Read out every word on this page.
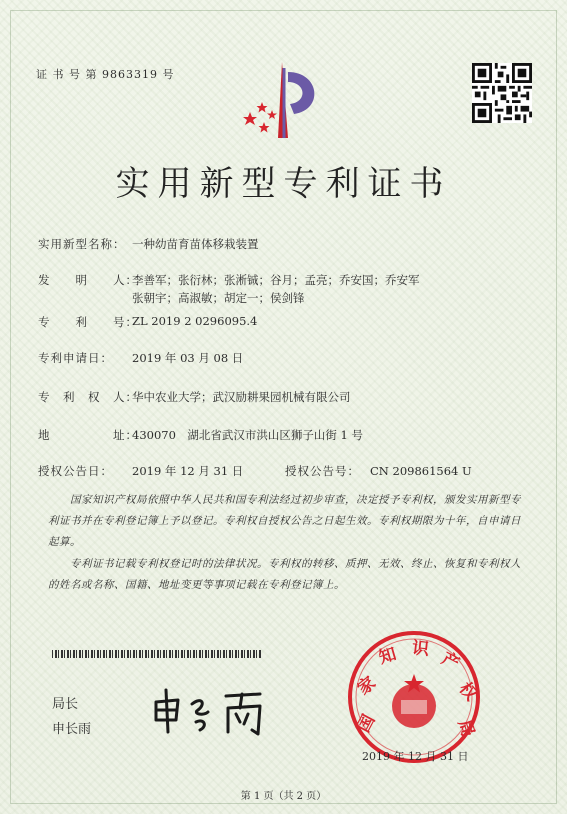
证 书 号 第 9863319 号
实用新型专利证书
实用新型名称： 一种幼苗育苗体移栽装置
发　　明　　人：
李善军；张衍林；张淅铖；谷月；孟亮；乔安国；乔安军
张朝宇；高淑敏；胡定一；侯剑锋
专　　利　　号：
ZL 2019 2 0296095.4
专利申请日： 2019 年 03 月 08 日
专　利　权　人：
华中农业大学；武汉励耕果园机械有限公司
地　　　　　址：
430070　湖北省武汉市洪山区狮子山街 1 号
授权公告日： 2019 年 12 月 31 日	授权公告号： CN 209861564 U
国家知识产权局依照中华人民共和国专利法经过初步审查，决定授予专利权，颁发实用新型专利证书并在专利登记簿上予以登记。专利权自授权公告之日起生效。专利权期限为十年，自申请日起算。
专利证书记载专利权登记时的法律状况。专利权的转移、质押、无效、终止、恢复和专利权人的姓名或名称、国籍、地址变更等事项记载在专利登记簿上。
局长
申长雨	国
家
知 识 产
权
局
2019 年 12 月 31 日
第 1 页（共 2 页）
